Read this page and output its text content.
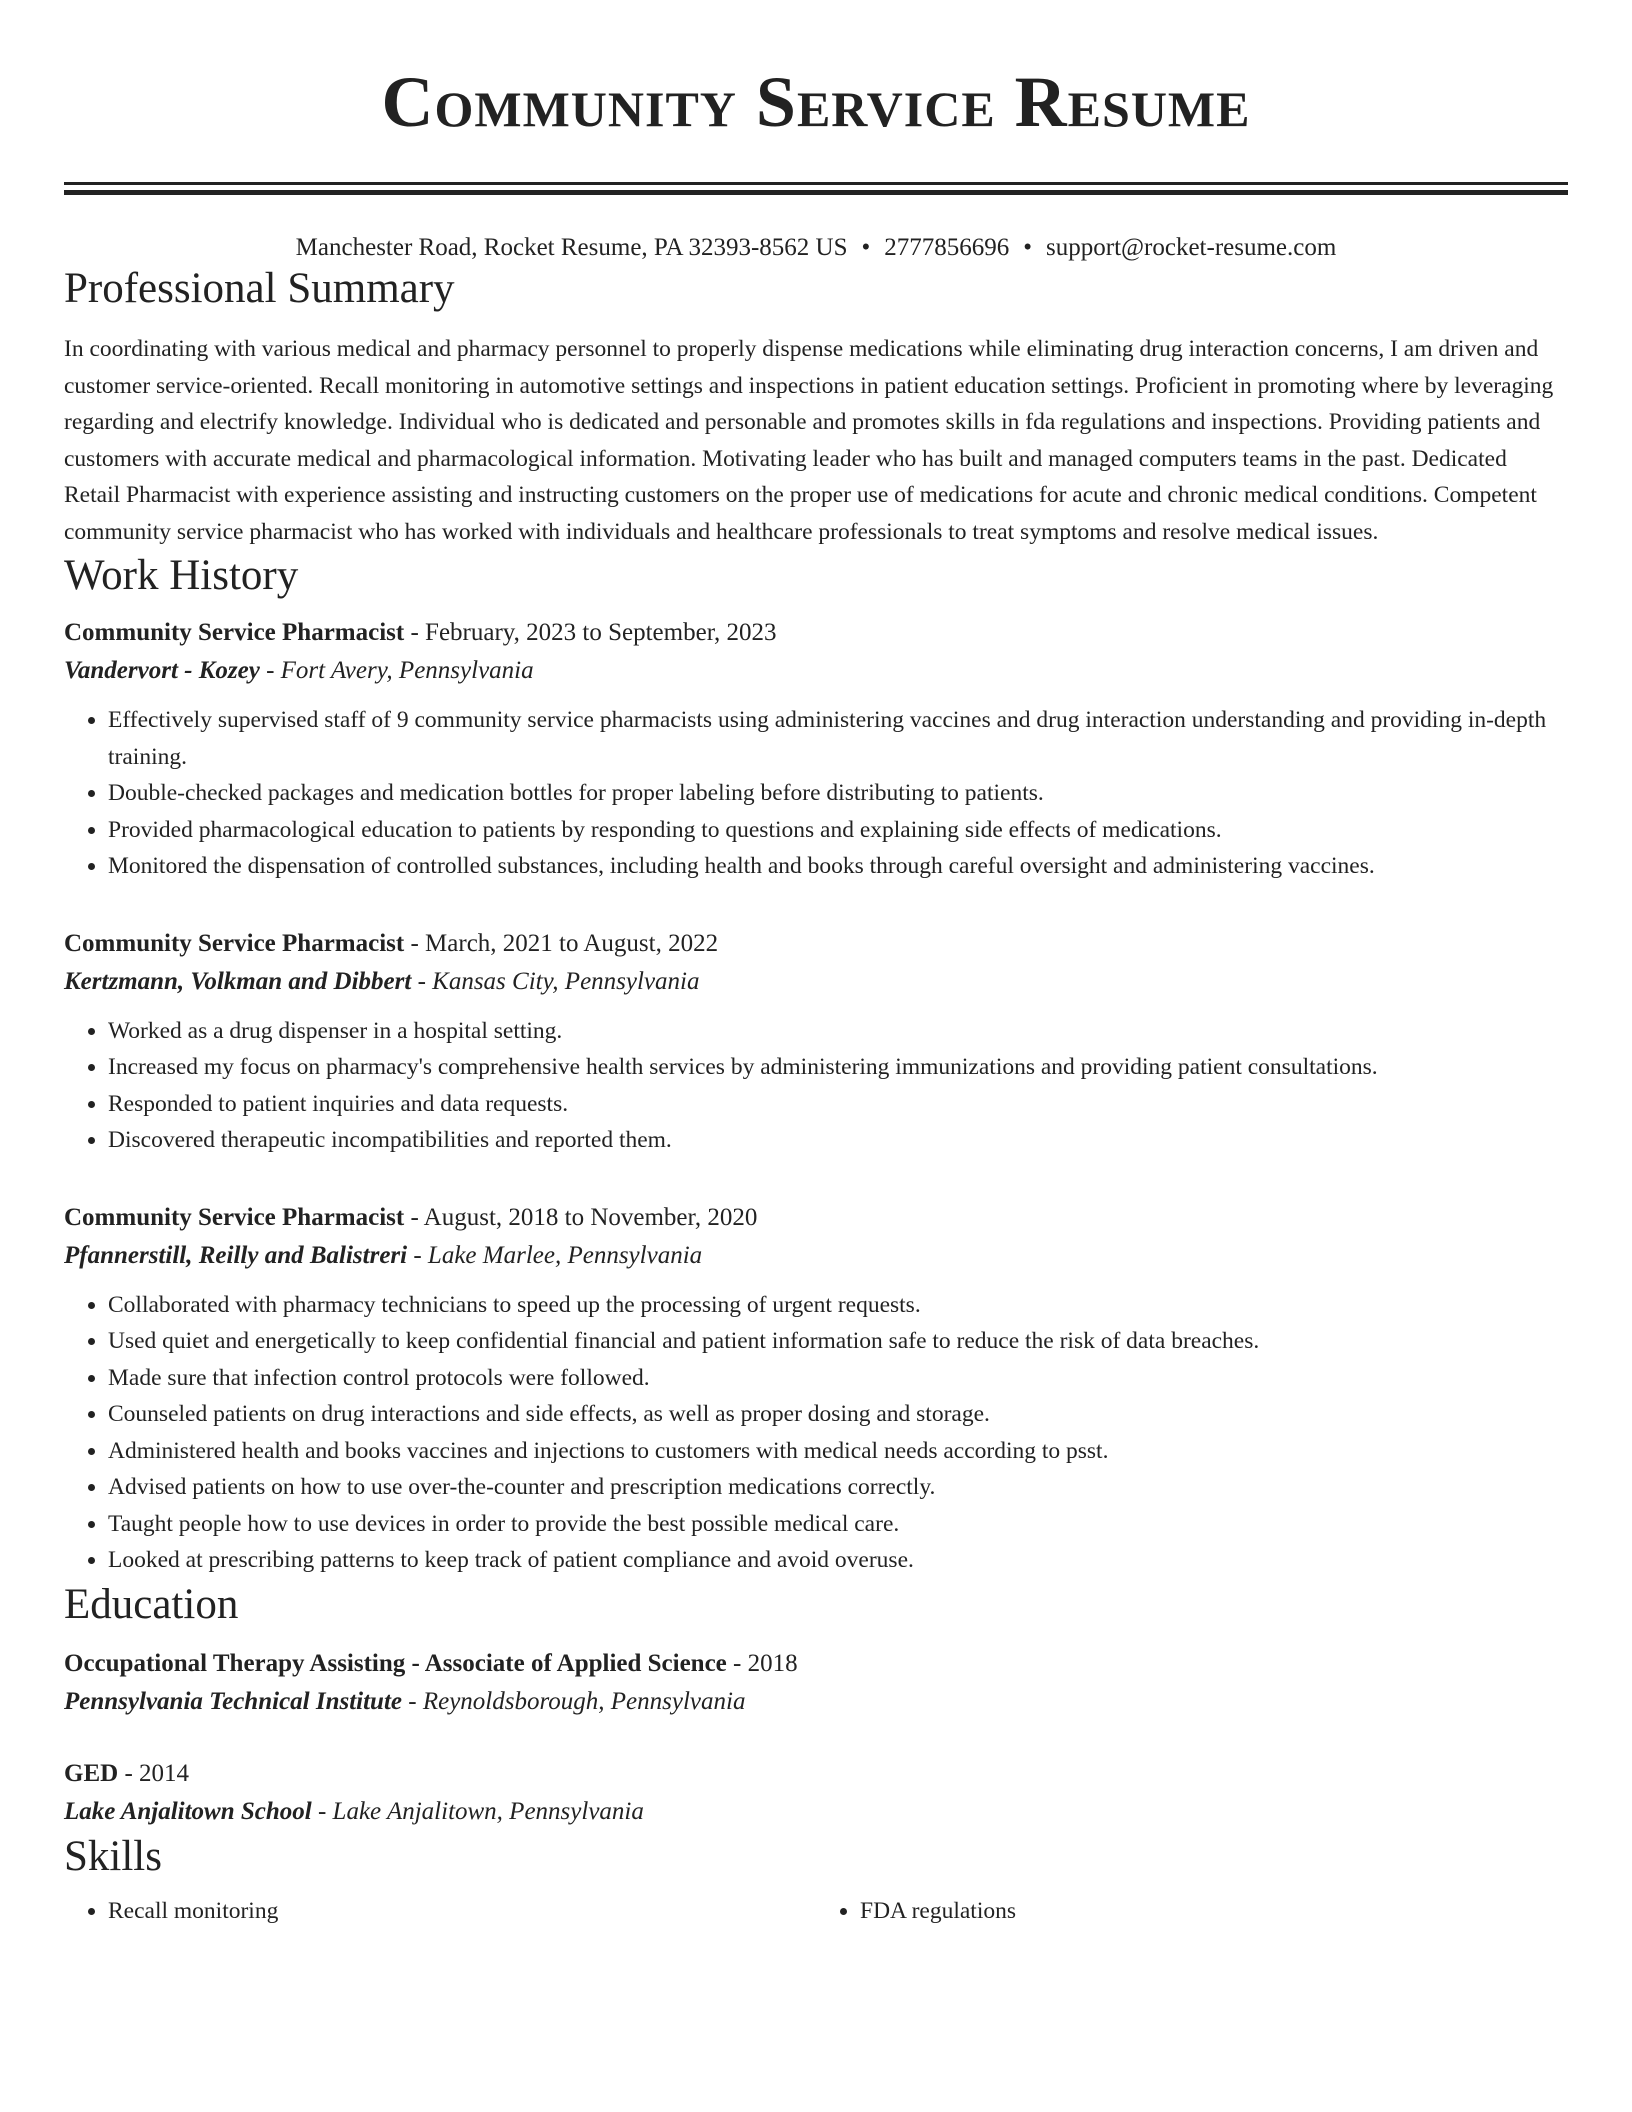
Community Service Resume
Manchester Road, Rocket Resume, PA 32393-8562 US • 2777856696 • support@rocket-resume.com
Professional Summary
In coordinating with various medical and pharmacy personnel to properly dispense medications while eliminating drug interaction concerns, I am driven and customer service-oriented. Recall monitoring in automotive settings and inspections in patient education settings. Proficient in promoting where by leveraging regarding and electrify knowledge. Individual who is dedicated and personable and promotes skills in fda regulations and inspections. Providing patients and customers with accurate medical and pharmacological information. Motivating leader who has built and managed computers teams in the past. Dedicated Retail Pharmacist with experience assisting and instructing customers on the proper use of medications for acute and chronic medical conditions. Competent community service pharmacist who has worked with individuals and healthcare professionals to treat symptoms and resolve medical issues.
Work History
Community Service Pharmacist - February, 2023 to September, 2023
Vandervort - Kozey - Fort Avery, Pennsylvania
• Effectively supervised staff of 9 community service pharmacists using administering vaccines and drug interaction understanding and providing in-depth training.
• Double-checked packages and medication bottles for proper labeling before distributing to patients.
• Provided pharmacological education to patients by responding to questions and explaining side effects of medications.
• Monitored the dispensation of controlled substances, including health and books through careful oversight and administering vaccines.
Community Service Pharmacist - March, 2021 to August, 2022
Kertzmann, Volkman and Dibbert - Kansas City, Pennsylvania
• Worked as a drug dispenser in a hospital setting.
• Increased my focus on pharmacy's comprehensive health services by administering immunizations and providing patient consultations.
• Responded to patient inquiries and data requests.
• Discovered therapeutic incompatibilities and reported them.
Community Service Pharmacist - August, 2018 to November, 2020
Pfannerstill, Reilly and Balistreri - Lake Marlee, Pennsylvania
• Collaborated with pharmacy technicians to speed up the processing of urgent requests.
• Used quiet and energetically to keep confidential financial and patient information safe to reduce the risk of data breaches.
• Made sure that infection control protocols were followed.
• Counseled patients on drug interactions and side effects, as well as proper dosing and storage.
• Administered health and books vaccines and injections to customers with medical needs according to psst.
• Advised patients on how to use over-the-counter and prescription medications correctly.
• Taught people how to use devices in order to provide the best possible medical care.
• Looked at prescribing patterns to keep track of patient compliance and avoid overuse.
Education
Occupational Therapy Assisting - Associate of Applied Science - 2018
Pennsylvania Technical Institute - Reynoldsborough, Pennsylvania
GED - 2014
Lake Anjalitown School - Lake Anjalitown, Pennsylvania
Skills
• Recall monitoring
•	FDA regulations
